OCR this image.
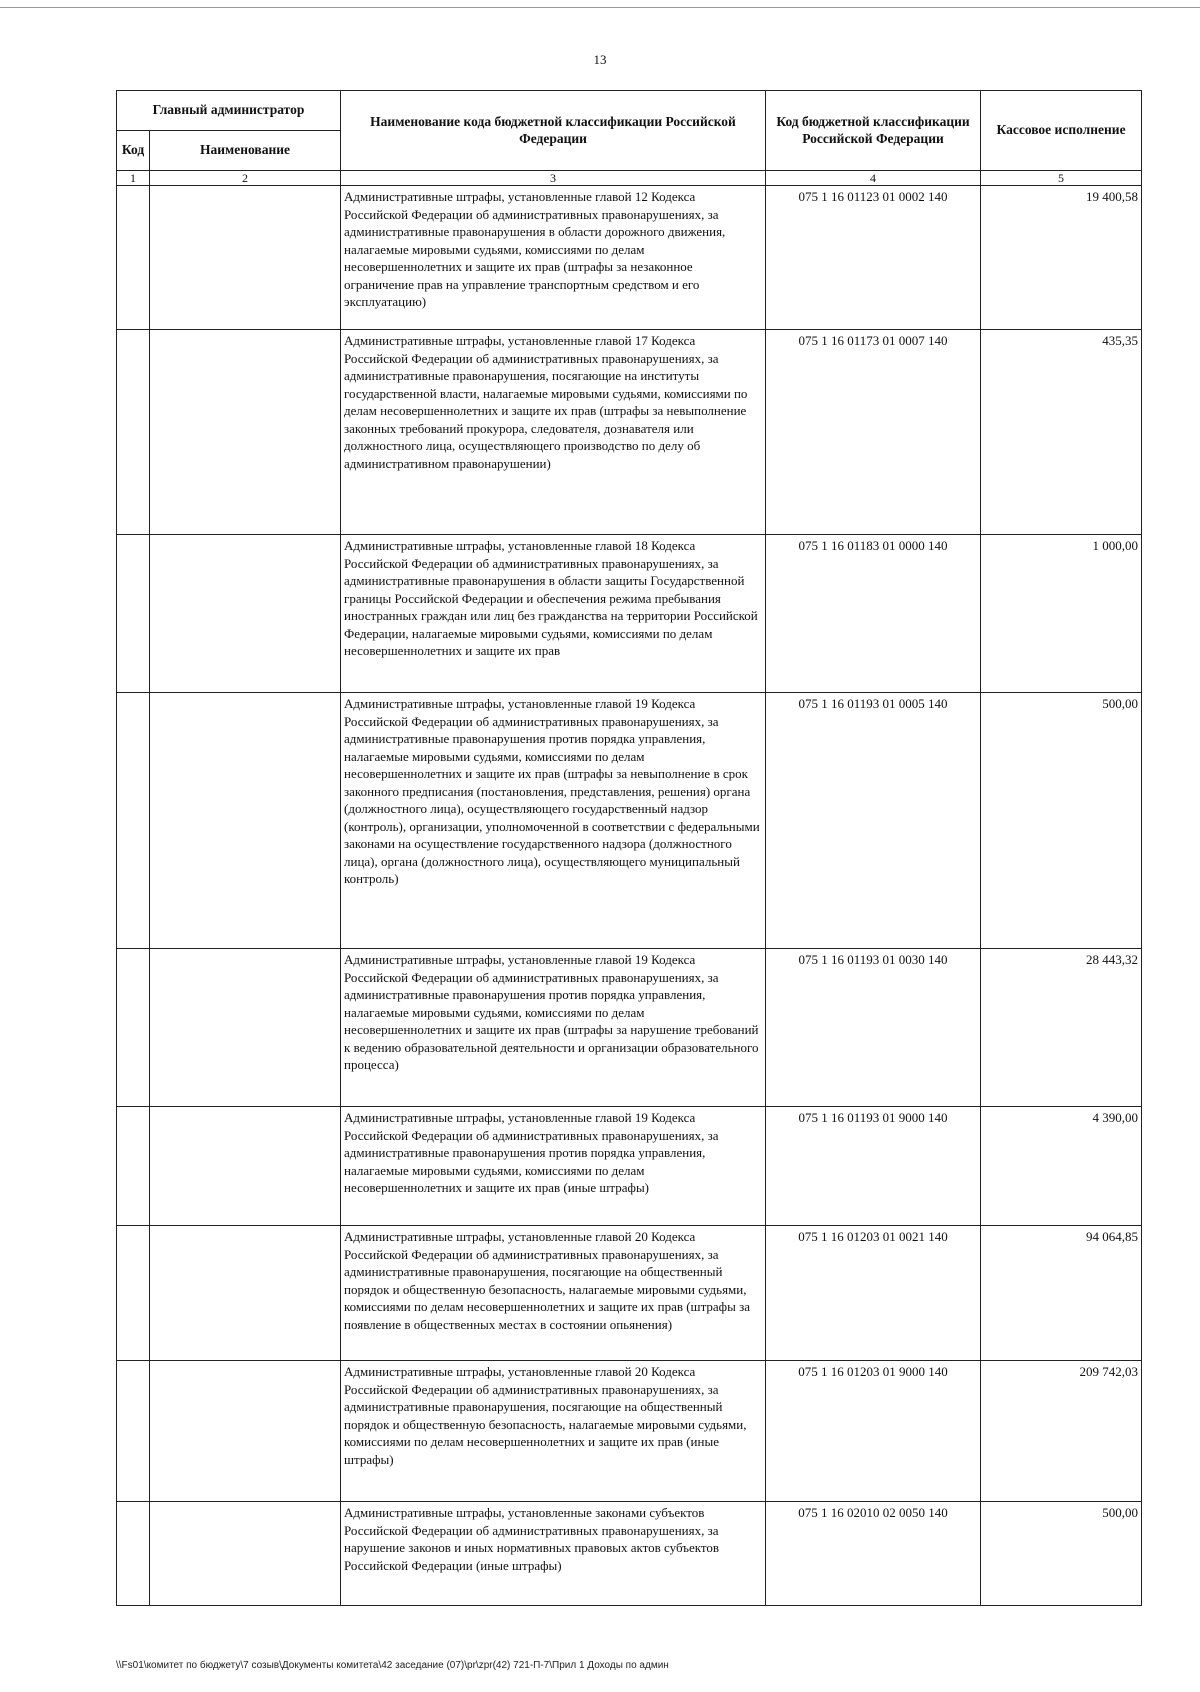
13
Главный администратор		Наименование кода бюджетной классификации Российской Федерации	Код бюджетной классификации Российской Федерации	Кассовое исполнение
Код	Наименование			
1	2	3	4	5
		Административные штрафы, установленные главой 12 Кодекса Российской Федерации об административных правонарушениях, за административные правонарушения в области дорожного движения, налагаемые мировыми судьями, комиссиями по делам несовершеннолетних и защите их прав (штрафы за незаконное ограничение прав на управление транспортным средством и его эксплуатацию)	075 1 16 01123 01 0002 140	19 400,58
		Административные штрафы, установленные главой 17 Кодекса Российской Федерации об административных правонарушениях, за административные правонарушения, посягающие на институты государственной власти, налагаемые мировыми судьями, комиссиями по делам несовершеннолетних и защите их прав (штрафы за невыполнение законных требований прокурора, следователя, дознавателя или должностного лица, осуществляющего производство по делу об административном правонарушении)	075 1 16 01173 01 0007 140	435,35
		Административные штрафы, установленные главой 18 Кодекса Российской Федерации об административных правонарушениях, за административные правонарушения в области защиты Государственной границы Российской Федерации и обеспечения режима пребывания иностранных граждан или лиц без гражданства на территории Российской Федерации, налагаемые мировыми судьями, комиссиями по делам несовершеннолетних и защите их прав	075 1 16 01183 01 0000 140	1 000,00
		Административные штрафы, установленные главой 19 Кодекса Российской Федерации об административных правонарушениях, за административные правонарушения против порядка управления, налагаемые мировыми судьями, комиссиями по делам несовершеннолетних и защите их прав (штрафы за невыполнение в срок законного предписания (постановления, представления, решения) органа (должностного лица), осуществляющего государственный надзор (контроль), организации, уполномоченной в соответствии с федеральными законами на осуществление государственного надзора (должностного лица), органа (должностного лица), осуществляющего муниципальный контроль)	075 1 16 01193 01 0005 140	500,00
		Административные штрафы, установленные главой 19 Кодекса Российской Федерации об административных правонарушениях, за административные правонарушения против порядка управления, налагаемые мировыми судьями, комиссиями по делам несовершеннолетних и защите их прав (штрафы за нарушение требований к ведению образовательной деятельности и организации образовательного процесса)	075 1 16 01193 01 0030 140	28 443,32
		Административные штрафы, установленные главой 19 Кодекса Российской Федерации об административных правонарушениях, за административные правонарушения против порядка управления, налагаемые мировыми судьями, комиссиями по делам несовершеннолетних и защите их прав (иные штрафы)	075 1 16 01193 01 9000 140	4 390,00
		Административные штрафы, установленные главой 20 Кодекса Российской Федерации об административных правонарушениях, за административные правонарушения, посягающие на общественный порядок и общественную безопасность, налагаемые мировыми судьями, комиссиями по делам несовершеннолетних и защите их прав (штрафы за появление в общественных местах в состоянии опьянения)	075 1 16 01203 01 0021 140	94 064,85
		Административные штрафы, установленные главой 20 Кодекса Российской Федерации об административных правонарушениях, за административные правонарушения, посягающие на общественный порядок и общественную безопасность, налагаемые мировыми судьями, комиссиями по делам несовершеннолетних и защите их прав (иные штрафы)	075 1 16 01203 01 9000 140	209 742,03
		Административные штрафы, установленные законами субъектов Российской Федерации об административных правонарушениях, за нарушение законов и иных нормативных правовых актов субъектов Российской Федерации (иные штрафы)	075 1 16 02010 02 0050 140	500,00
\\Fs01\комитет по бюджету\7 созыв\Документы комитета\42 заседание (07)\pr\zpr(42) 721-П-7\Прил 1 Доходы по админ
